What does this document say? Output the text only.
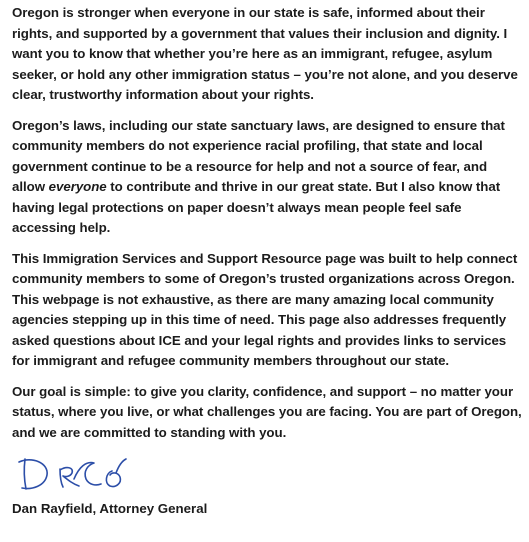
Oregon is stronger when everyone in our state is safe, informed about their rights, and supported by a government that values their inclusion and dignity. I want you to know that whether you’re here as an immigrant, refugee, asylum seeker, or hold any other immigration status – you’re not alone, and you deserve clear, trustworthy information about your rights.

Oregon’s laws, including our state sanctuary laws, are designed to ensure that community members do not experience racial profiling, that state and local government continue to be a resource for help and not a source of fear, and allow everyone to contribute and thrive in our great state. But I also know that having legal protections on paper doesn’t always mean people feel safe accessing help.

This Immigration Services and Support Resource page was built to help connect community members to some of Oregon’s trusted organizations across Oregon. This webpage is not exhaustive, as there are many amazing local community agencies stepping up in this time of need. This page also addresses frequently asked questions about ICE and your legal rights and provides links to services for immigrant and refugee community members throughout our state.

Our goal is simple: to give you clarity, confidence, and support – no matter your status, where you live, or what challenges you are facing. You are part of Oregon, and we are committed to standing with you.

Dan Rayfield, Attorney General
